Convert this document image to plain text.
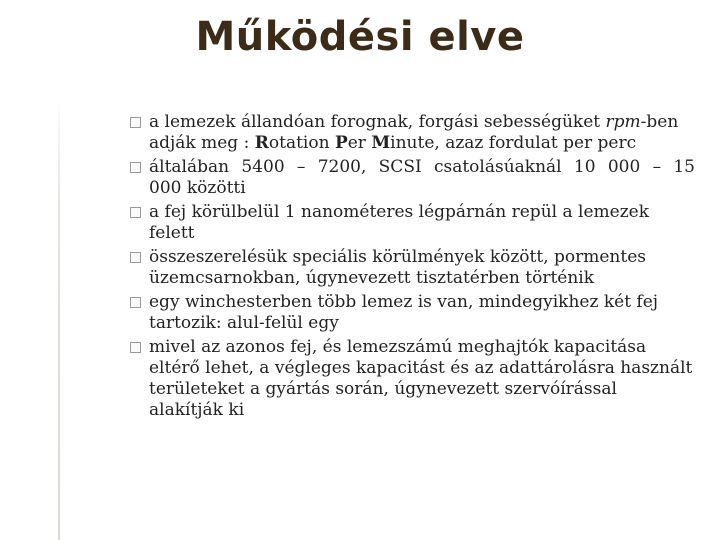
Működési elve
a lemezek állandóan forognak, forgási sebességüket rpm-ben adják meg : Rotation Per Minute, azaz fordulat per perc
általában 5400 – 7200, SCSI csatolásúaknál 10 000 – 15
000 közötti
a fej körülbelül 1 nanométeres légpárnán repül a lemezek felett
összeszerelésük speciális körülmények között, pormentes üzemcsarnokban, úgynevezett tisztatérben történik
egy winchesterben több lemez is van, mindegyikhez két fej tartozik: alul-felül egy
mivel az azonos fej, és lemezszámú meghajtók kapacitása eltérő lehet, a végleges kapacitást és az adattárolásra használt területeket a gyártás során, úgynevezett szervóírással alakítják ki
